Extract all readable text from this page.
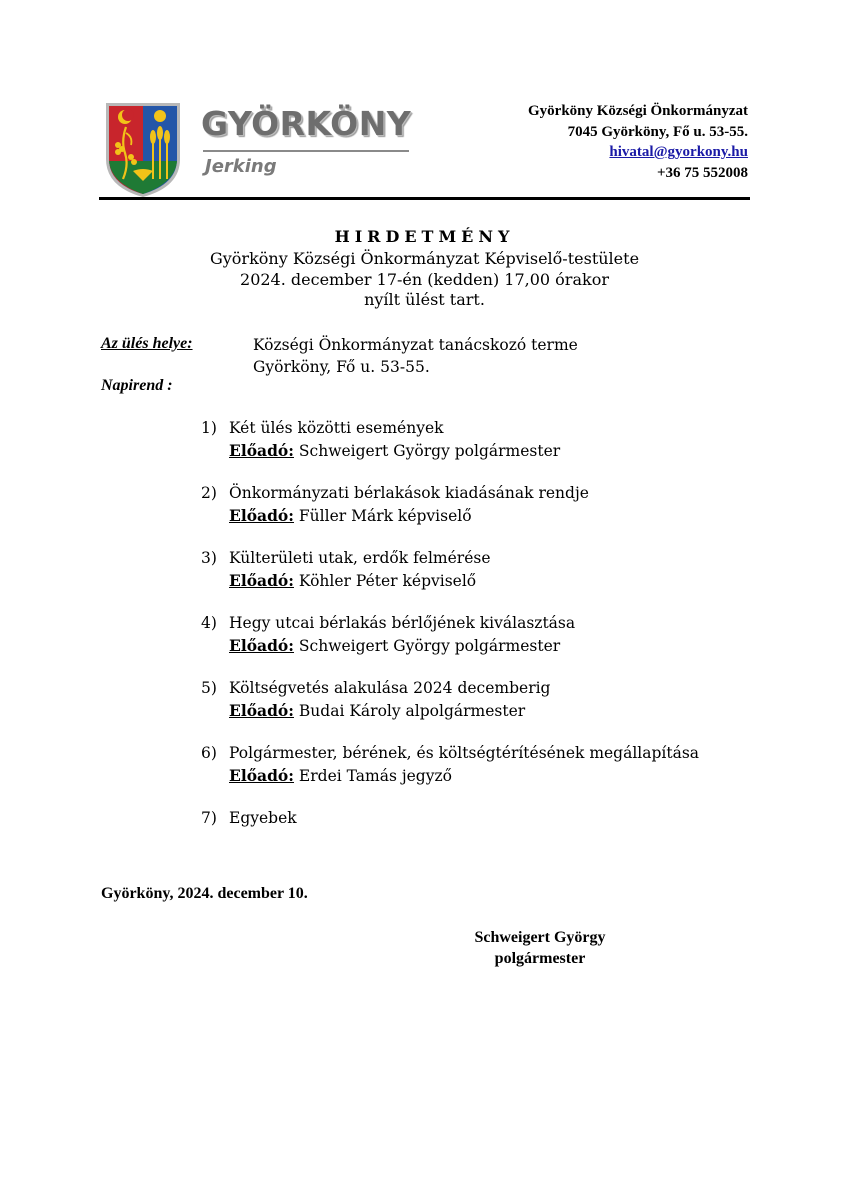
GYÖRKÖNY
Jerking
Györköny Községi Önkormányzat
7045 Györköny, Fő u. 53-55.
hivatal@gyorkony.hu
+36 75 552008
HIRDETMÉNY
Györköny Községi Önkormányzat Képviselő-testülete
2024. december 17-én (kedden) 17,00 órakor
nyílt ülést tart.
Az ülés helye:	Községi Önkormányzat tanácskozó terme
Györköny, Fő u. 53-55.
Napirend :
1) Két ülés közötti események
Előadó: Schweigert György polgármester
2) Önkormányzati bérlakások kiadásának rendje
Előadó: Füller Márk képviselő
3) Külterületi utak, erdők felmérése
Előadó: Köhler Péter képviselő
4) Hegy utcai bérlakás bérlőjének kiválasztása
Előadó: Schweigert György polgármester
5) Költségvetés alakulása 2024 decemberig
Előadó: Budai Károly alpolgármester
6) Polgármester, bérének, és költségtérítésének megállapítása
Előadó: Erdei Tamás jegyző
7) Egyebek
Györköny, 2024. december 10.
Schweigert György
polgármester
